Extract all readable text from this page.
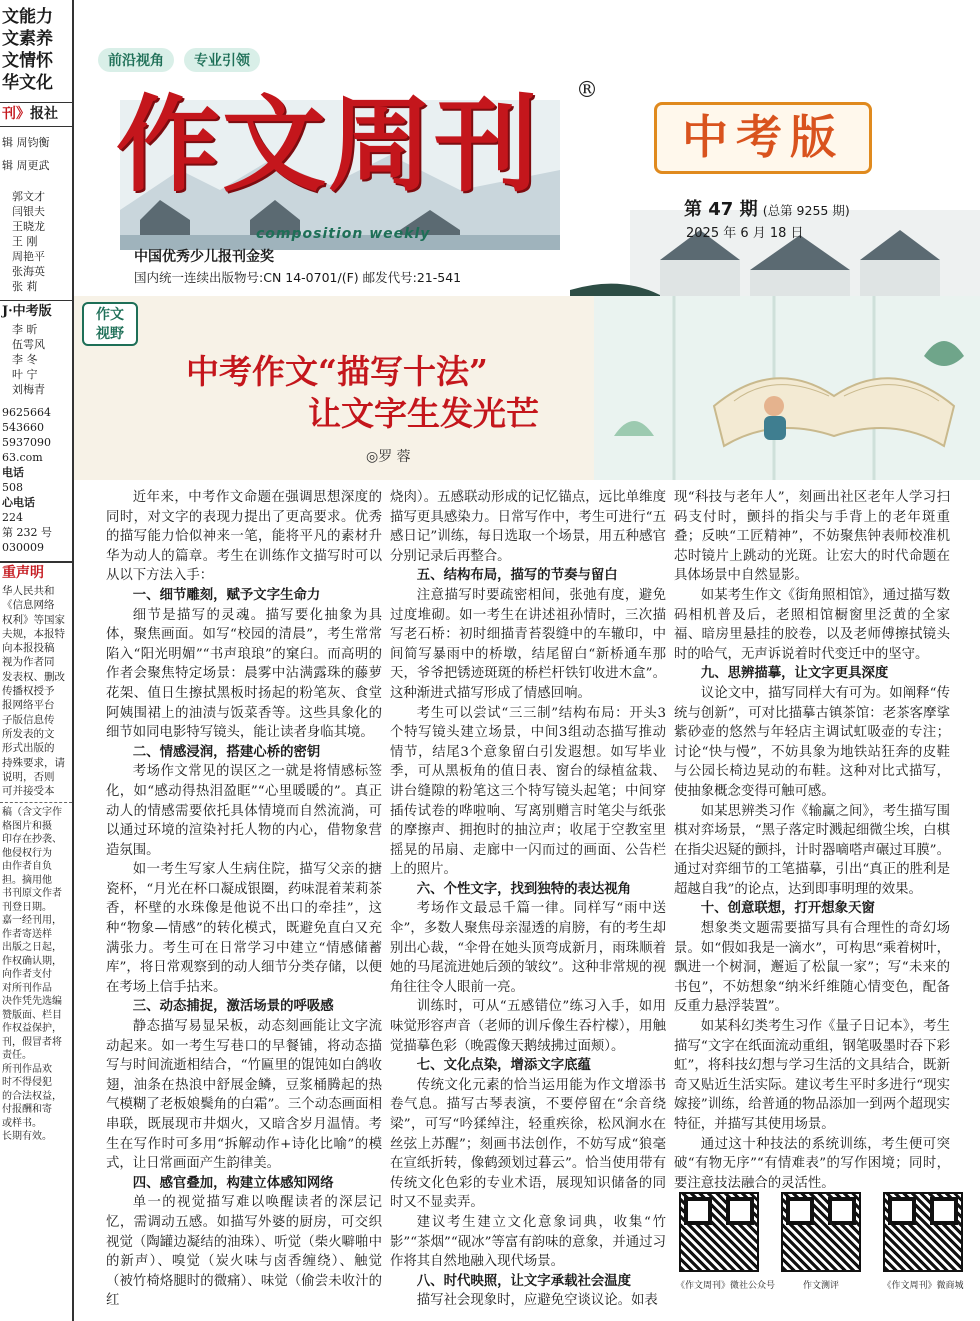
文能力
文素养
文情怀
华文化
刊》报社
辑 周钧衡
辑 周更武
郭文才
闫银夫
王晓龙
王 刚
周艳平
张海英
张 莉
J·中考版
李 昕
伍雩风
李 冬
叶 宁
刘梅青
9625664
543660
5937090
63.com
电话
508
心电话
224
第 232 号
030009
重声明
华人民共和
《信息网络
权利》等国家
夫规，本报特
向本报投稿
视为作者同
发表权、删改
传播权授予
报网络平台
子版信息传
所发表的文
形式出版的
持殊要求，请
说明，否则
可并接受本
稿（含文字作
格图片和摄
印存在抄袭、
他侵权行为
由作者自负
担。摘用他
书刊原文作者
刊登日期。
嘉一经刊用，
作者寄送样
出版之日起，
作权确认期，
向作者支付
对所刊作品
决作凭先选编
赞版面、栏目
作权益保护，
刊，假冒者将
责任。
所刊作品欢
时不得侵犯
的合法权益，
付报酬和寄
或样书。
长期有效。
前沿视角	专业引领
作文周刊 ®
composition weekly
中国优秀少儿报刊金奖
国内统一连续出版物号:CN 14-0701/(F) 邮发代号:21-541
中考版
第 47 期 (总第 9255 期)
2025 年 6 月 18 日
作文
视野
中考作文“描写十法”
让文字生发光芒
◎罗 蓉

近年来，中考作文命题在强调思想深度的同时，对文字的表现力提出了更高要求。优秀的描写能力恰似神来一笔，能将平凡的素材升华为动人的篇章。考生在训练作文描写时可以从以下方法入手：

一、细节雕刻，赋予文字生命力

细节是描写的灵魂。描写要化抽象为具体，聚焦画面。如写“校园的清晨”，考生常常陷入“阳光明媚”“书声琅琅”的窠臼。而高明的作者会聚焦特定场景：晨雾中沾满露珠的藤萝花架、值日生擦拭黑板时扬起的粉笔灰、食堂阿姨围裙上的油渍与饭菜香等。这些具象化的细节如同电影特写镜头，能让读者身临其境。

二、情感浸润，搭建心桥的密钥

考场作文常见的误区之一就是将情感标签化，如“感动得热泪盈眶”“心里暖暖的”。真正动人的情感需要依托具体情境而自然流淌，可以通过环境的渲染衬托人物的内心，借物象营造氛围。

如一考生写家人生病住院，描写父亲的搪瓷杯，“月光在杯口凝成银圈，药味混着茉莉茶香，杯壁的水珠像是他说不出口的牵挂”，这种“物象—情感”的转化模式，既避免直白又充满张力。考生可在日常学习中建立“情感储蓄库”，将日常观察到的动人细节分类存储，以便在考场上信手拈来。

三、动态捕捉，激活场景的呼吸感

静态描写易显呆板，动态刻画能让文字流动起来。如一考生写巷口的早餐铺，将动态描写与时间流逝相结合，“竹匾里的馄饨如白鸽收翅，油条在热浪中舒展金鳞，豆浆桶腾起的热气模糊了老板娘鬓角的白霜”。三个动态画面相串联，既展现市井烟火，又暗含岁月温情。考生在写作时可多用“拆解动作+诗化比喻”的模式，让日常画面产生韵律美。

四、感官叠加，构建立体感知网络

单一的视觉描写难以唤醒读者的深层记忆，需调动五感。如描写外婆的厨房，可交织视觉（陶罐边凝结的油珠）、听觉（柴火噼啪中的新声）、嗅觉（炭火味与卤香缠绕）、触觉（被竹椅烙腿时的微痛）、味觉（偷尝未收汁的红

烧肉）。五感联动形成的记忆锚点，远比单维度描写更具感染力。日常写作中，考生可进行“五感日记”训练，每日选取一个场景，用五种感官分别记录后再整合。

五、结构布局，描写的节奏与留白

注意描写时要疏密相间，张弛有度，避免过度堆砌。如一考生在讲述祖孙情时，三次描写老石桥：初时细描青苔裂缝中的车辙印，中间简写暴雨中的桥墩，结尾留白“新桥通车那天，爷爷把锈迹斑斑的桥栏杆铁钉收进木盒”。这种渐进式描写形成了情感回响。

考生可以尝试“三三制”结构布局：开头3个特写镜头建立场景，中间3组动态描写推动情节，结尾3个意象留白引发遐想。如写毕业季，可从黑板角的值日表、窗台的绿植盆栽、讲台缝隙的粉笔这三个特写镜头起笔；中间穿插传试卷的哗啦响、写离别赠言时笔尖与纸张的摩擦声、拥抱时的抽泣声；收尾于空教室里摇晃的吊扇、走廊中一闪而过的画面、公告栏上的照片。

六、个性文字，找到独特的表达视角

考场作文最忌千篇一律。同样写“雨中送伞”，多数人聚焦母亲湿透的肩膀，有的考生却别出心裁，“伞骨在她头顶弯成新月，雨珠顺着她的马尾流进她后颈的皱纹”。这种非常规的视角往往令人眼前一亮。

训练时，可从“五感错位”练习入手，如用味觉形容声音（老师的训斥像生吞柠檬），用触觉描摹色彩（晚霞像天鹅绒拂过面颊）。

七、文化点染，增添文字底蕴

传统文化元素的恰当运用能为作文增添书卷气息。描写古琴表演，不要停留在“余音绕梁”，可写“吟猱绰注，轻重疾徐，松风涧水在丝弦上苏醒”；刻画书法创作，不妨写成“狼毫在宣纸折转，像鹤颈划过暮云”。恰当使用带有传统文化色彩的专业术语，展现知识储备的同时又不显卖弄。

建议考生建立文化意象词典，收集“竹影”“茶烟”“砚冰”等富有韵味的意象，并通过习作将其自然地融入现代场景。

八、时代映照，让文字承载社会温度

描写社会现象时，应避免空谈议论。如表

现“科技与老年人”，刻画出社区老年人学习扫码支付时，颤抖的指尖与手背上的老年斑重叠；反映“工匠精神”，不妨聚焦钟表师校准机芯时镜片上跳动的光斑。让宏大的时代命题在具体场景中自然显影。

如某考生作文《街角照相馆》，通过描写数码相机普及后，老照相馆橱窗里泛黄的全家福、暗房里悬挂的胶卷，以及老师傅擦拭镜头时的哈气，无声诉说着时代变迁中的坚守。

九、思辨描摹，让文字更具深度

议论文中，描写同样大有可为。如阐释“传统与创新”，可对比描摹古镇茶馆：老茶客摩挲紫砂壶的悠然与年轻店主调试虹吸壶的专注；讨论“快与慢”，不妨具象为地铁站狂奔的皮鞋与公园长椅边晃动的布鞋。这种对比式描写，使抽象概念变得可触可感。

如某思辨类习作《输赢之间》，考生描写围棋对弈场景，“黑子落定时溅起细微尘埃，白棋在指尖迟疑的颤抖，计时器嘀嗒声碾过耳膜”。通过对弈细节的工笔描摹，引出“真正的胜利是超越自我”的论点，达到即事明理的效果。

十、创意联想，打开想象天窗

想象类文题需要描写具有合理性的奇幻场景。如“假如我是一滴水”，可构思“乘着树叶，飘进一个树洞，邂逅了松鼠一家”；写“未来的书包”，不妨想象“纳米纤维随心情变色，配备反重力悬浮装置”。

如某科幻类考生习作《量子日记本》，考生描写“文字在纸面流动重组，钢笔吸墨时吞下彩虹”，将科技幻想与学习生活的文具结合，既新奇又贴近生活实际。建议考生平时多进行“现实嫁接”训练，给普通的物品添加一到两个超现实特征，并描写其使用场景。

通过这十种技法的系统训练，考生便可突破“有物无序”“有情难表”的写作困境；同时，要注意技法融合的灵活性。

《作文周刊》微社公众号	作文测评	《作文周刊》微商城
